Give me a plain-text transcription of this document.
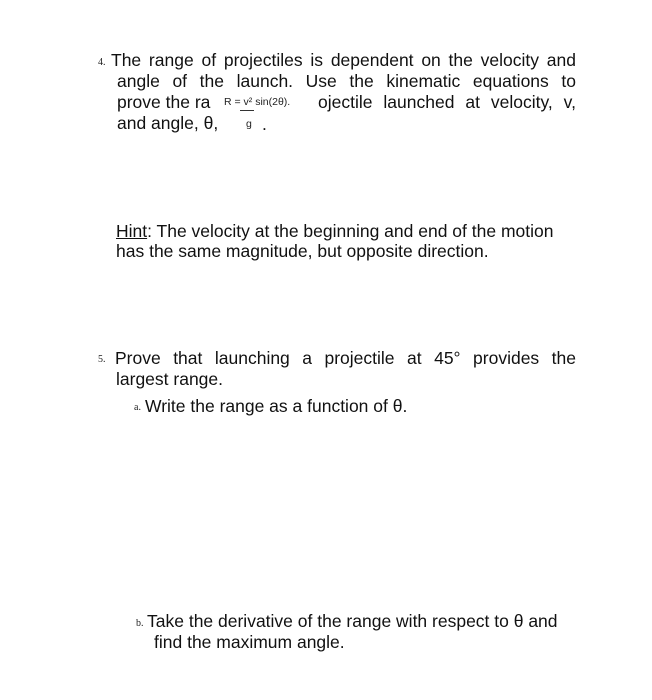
4. The range of projectiles is dependent on the velocity and
angle of the launch. Use the kinematic equations to
prove the ra R = v² sin(2θ). ojectile launched at velocity, v,
and angle, θ,	g .
Hint: The velocity at the beginning and end of the motion
has the same magnitude, but opposite direction.
5. Prove that launching a projectile at 45° provides the
largest range.
a. Write the range as a function of θ.
b. Take the derivative of the range with respect to θ and
find the maximum angle.
